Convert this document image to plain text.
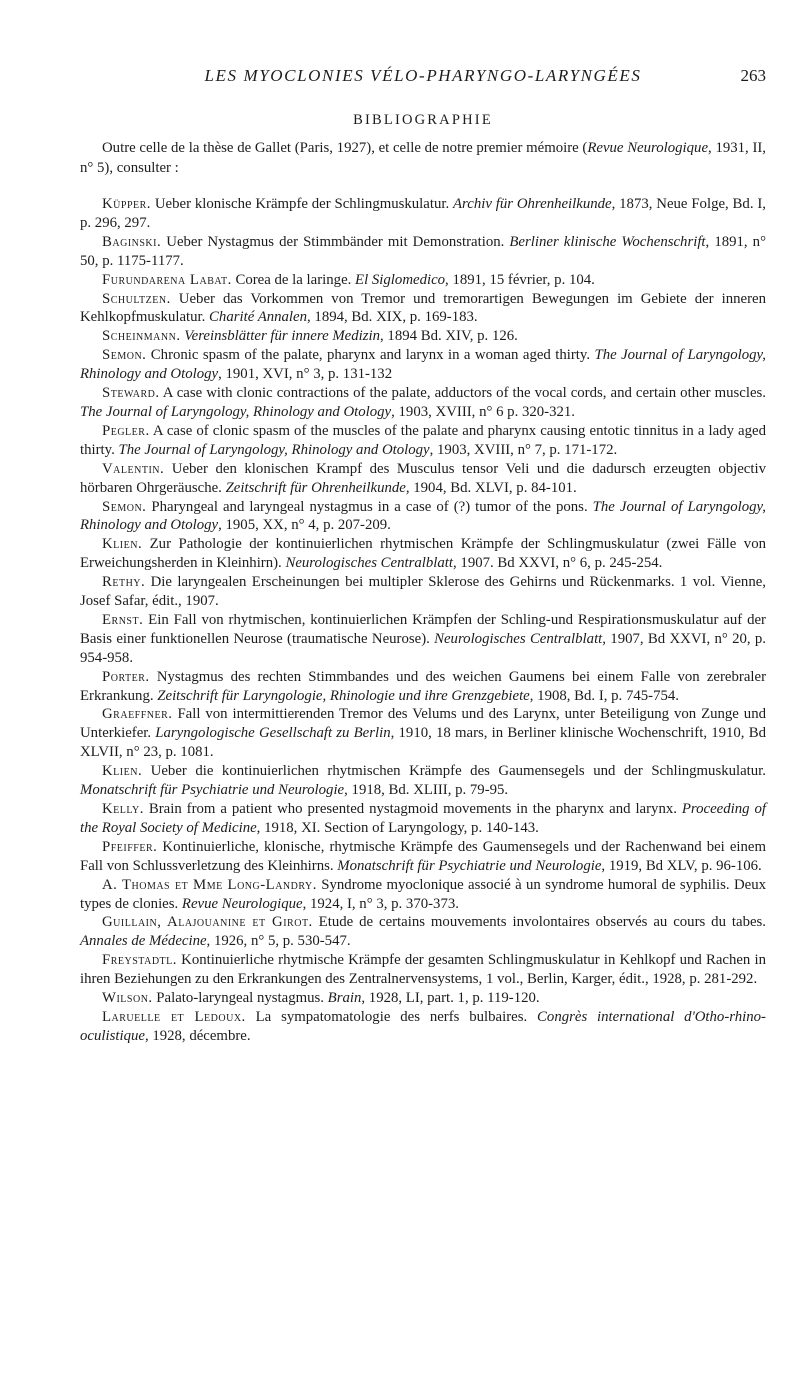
LES MYOCLONIES VÉLO-PHARYNGO-LARYNGÉES	263
BIBLIOGRAPHIE

Outre celle de la thèse de Gallet (Paris, 1927), et celle de notre premier mémoire (Revue Neurologique, 1931, II, n° 5), consulter :

Küpper. Ueber klonische Krämpfe der Schlingmuskulatur. Archiv für Ohrenheilkunde, 1873, Neue Folge, Bd. I, p. 296, 297.

Baginski. Ueber Nystagmus der Stimmbänder mit Demonstration. Berliner klinische Wochenschrift, 1891, n° 50, p. 1175-1177.

Furundarena Labat. Corea de la laringe. El Siglomedico, 1891, 15 février, p. 104.

Schultzen. Ueber das Vorkommen von Tremor und tremorartigen Bewegungen im Gebiete der inneren Kehlkopfmuskulatur. Charité Annalen, 1894, Bd. XIX, p. 169-183.

Scheinmann. Vereinsblätter für innere Medizin, 1894 Bd. XIV, p. 126.

Semon. Chronic spasm of the palate, pharynx and larynx in a woman aged thirty. The Journal of Laryngology, Rhinology and Otology, 1901, XVI, n° 3, p. 131-132

Steward. A case with clonic contractions of the palate, adductors of the vocal cords, and certain other muscles. The Journal of Laryngology, Rhinology and Otology, 1903, XVIII, n° 6 p. 320-321.

Pegler. A case of clonic spasm of the muscles of the palate and pharynx causing entotic tinnitus in a lady aged thirty. The Journal of Laryngology, Rhinology and Otology, 1903, XVIII, n° 7, p. 171-172.

Valentin. Ueber den klonischen Krampf des Musculus tensor Veli und die dadursch erzeugten objectiv hörbaren Ohrgeräusche. Zeitschrift für Ohrenheilkunde, 1904, Bd. XLVI, p. 84-101.

Semon. Pharyngeal and laryngeal nystagmus in a case of (?) tumor of the pons. The Journal of Laryngology, Rhinology and Otology, 1905, XX, n° 4, p. 207-209.

Klien. Zur Pathologie der kontinuierlichen rhytmischen Krämpfe der Schlingmuskulatur (zwei Fälle von Erweichungsherden in Kleinhirn). Neurologisches Centralblatt, 1907. Bd XXVI, n° 6, p. 245-254.

Rethy. Die laryngealen Erscheinungen bei multipler Sklerose des Gehirns und Rückenmarks. 1 vol. Vienne, Josef Safar, édit., 1907.

Ernst. Ein Fall von rhytmischen, kontinuierlichen Krämpfen der Schling-und Respirationsmuskulatur auf der Basis einer funktionellen Neurose (traumatische Neurose). Neurologisches Centralblatt, 1907, Bd XXVI, n° 20, p. 954-958.

Porter. Nystagmus des rechten Stimmbandes und des weichen Gaumens bei einem Falle von zerebraler Erkrankung. Zeitschrift für Laryngologie, Rhinologie und ihre Grenzgebiete, 1908, Bd. I, p. 745-754.

Graeffner. Fall von intermittierenden Tremor des Velums und des Larynx, unter Beteiligung von Zunge und Unterkiefer. Laryngologische Gesellschaft zu Berlin, 1910, 18 mars, in Berliner klinische Wochenschrift, 1910, Bd XLVII, n° 23, p. 1081.

Klien. Ueber die kontinuierlichen rhytmischen Krämpfe des Gaumensegels und der Schlingmuskulatur. Monatschrift für Psychiatrie und Neurologie, 1918, Bd. XLIII, p. 79-95.

Kelly. Brain from a patient who presented nystagmoid movements in the pharynx and larynx. Proceeding of the Royal Society of Medicine, 1918, XI. Section of Laryngology, p. 140-143.

Pfeiffer. Kontinuierliche, klonische, rhytmische Krämpfe des Gaumensegels und der Rachenwand bei einem Fall von Schlussverletzung des Kleinhirns. Monatschrift für Psychiatrie und Neurologie, 1919, Bd XLV, p. 96-106.

A. Thomas et Mme Long-Landry. Syndrome myoclonique associé à un syndrome humoral de syphilis. Deux types de clonies. Revue Neurologique, 1924, I, n° 3, p. 370-373.

Guillain, Alajouanine et Girot. Etude de certains mouvements involontaires observés au cours du tabes. Annales de Médecine, 1926, n° 5, p. 530-547.

Freystadtl. Kontinuierliche rhytmische Krämpfe der gesamten Schlingmuskulatur in Kehlkopf und Rachen in ihren Beziehungen zu den Erkrankungen des Zentralnervensystems, 1 vol., Berlin, Karger, édit., 1928, p. 281-292.

Wilson. Palato-laryngeal nystagmus. Brain, 1928, LI, part. 1, p. 119-120.

Laruelle et Ledoux. La sympatomatologie des nerfs bulbaires. Congrès international d'Otho-rhino-oculistique, 1928, décembre.
